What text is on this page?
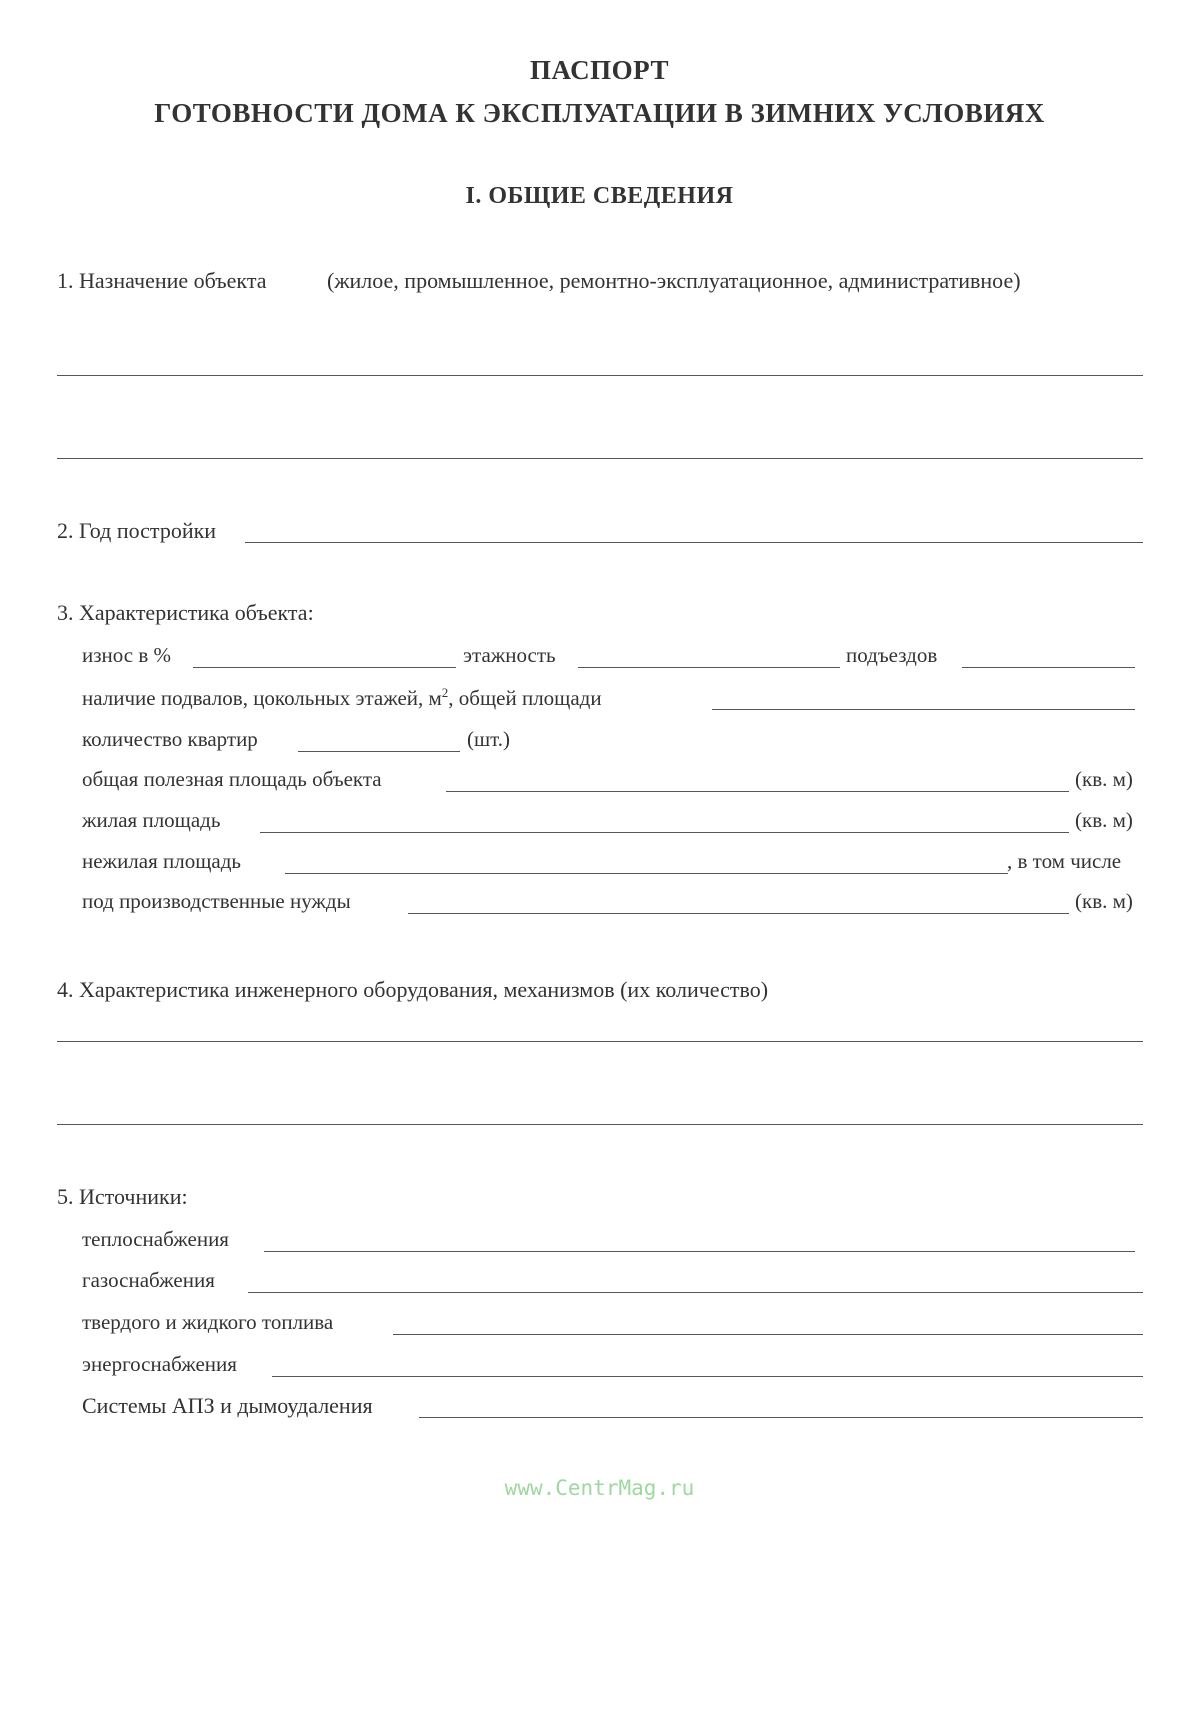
ПАСПОРТ
ГОТОВНОСТИ ДОМА К ЭКСПЛУАТАЦИИ В ЗИМНИХ УСЛОВИЯХ
I. ОБЩИЕ СВЕДЕНИЯ
1. Назначение объекта	(жилое, промышленное, ремонтно-эксплуатационное, административное)
2. Год постройки
3. Характеристика объекта:
износ в %	этажность	подъездов
наличие подвалов, цокольных этажей, $м^2$, общей площади
количество квартир	(шт.)
общая полезная площадь объекта	(кв. м)
жилая площадь	(кв. м)
нежилая площадь	, в том числе
под производственные нужды	(кв. м)
4. Характеристика инженерного оборудования, механизмов (их количество)
5. Источники:
теплоснабжения
газоснабжения
твердого и жидкого топлива
энергоснабжения
Системы АПЗ и дымоудаления
www.CentrMag.ru
